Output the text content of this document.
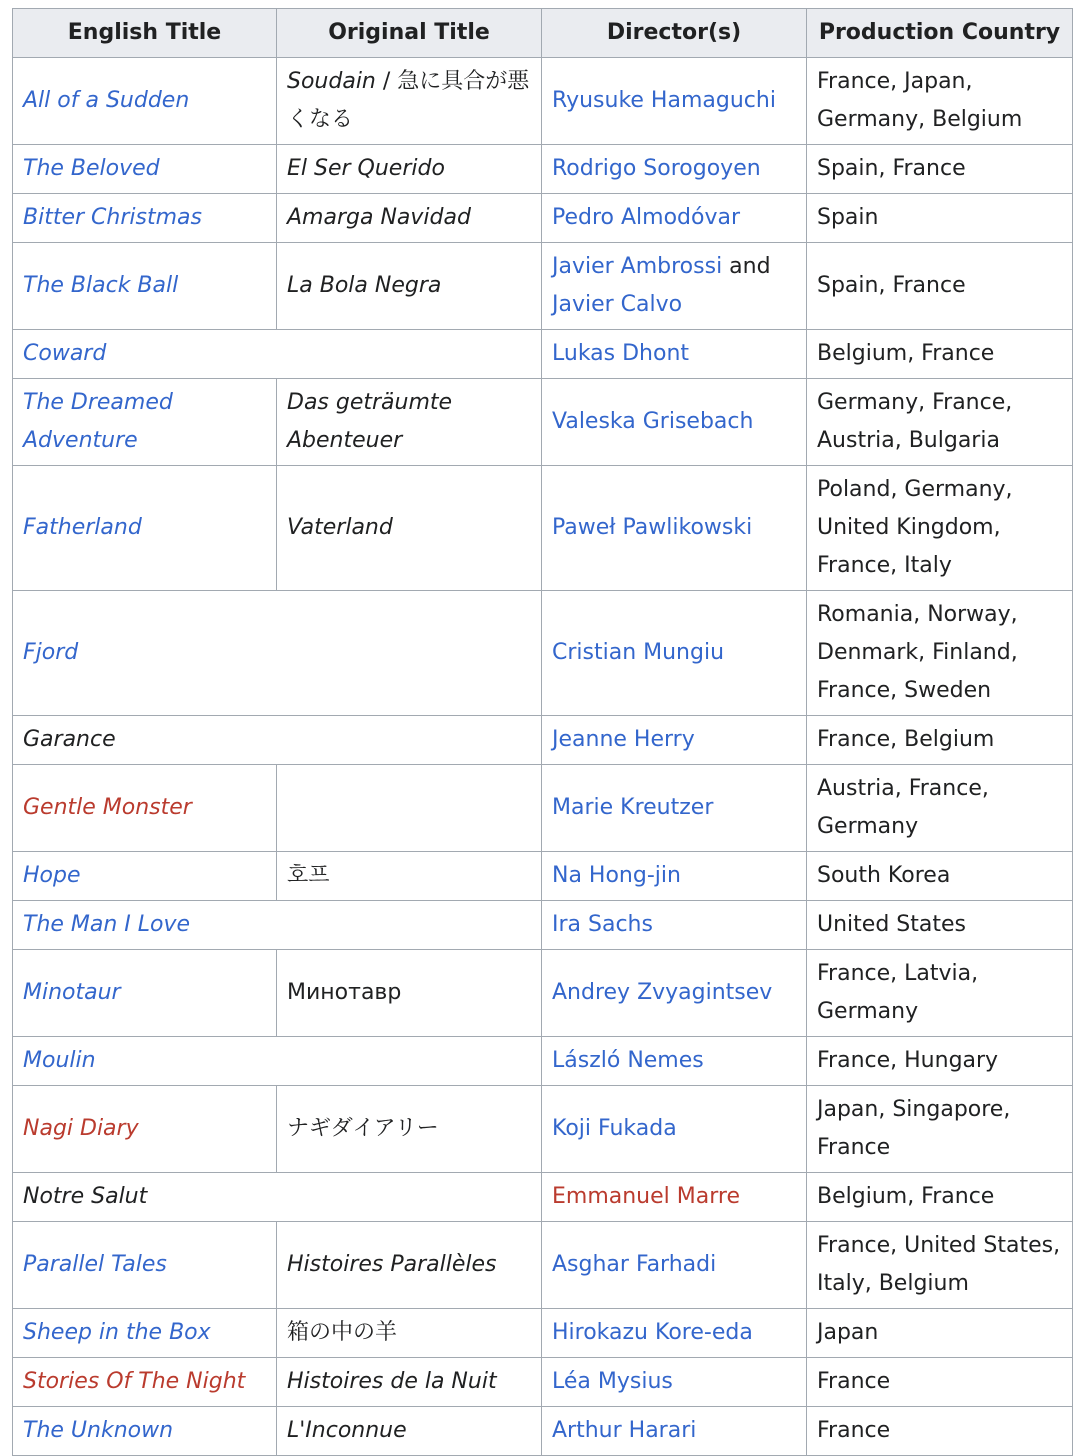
English Title	Original Title	Director(s)	Production Country
All of a Sudden	Soudain / 急に具合が悪くなる	Ryusuke Hamaguchi	France, Japan, Germany, Belgium
The Beloved	El Ser Querido	Rodrigo Sorogoyen	Spain, France
Bitter Christmas	Amarga Navidad	Pedro Almodóvar	Spain
The Black Ball	La Bola Negra	Javier Ambrossi and Javier Calvo	Spain, France
Coward		Lukas Dhont	Belgium, France
The Dreamed Adventure	Das geträumte Abenteuer	Valeska Grisebach	Germany, France, Austria, Bulgaria
Fatherland	Vaterland	Paweł Pawlikowski	Poland, Germany, United Kingdom, France, Italy
Fjord		Cristian Mungiu	Romania, Norway, Denmark, Finland, France, Sweden
Garance		Jeanne Herry	France, Belgium
Gentle Monster		Marie Kreutzer	Austria, France, Germany
Hope	호프	Na Hong-jin	South Korea
The Man I Love		Ira Sachs	United States
Minotaur	Минотавр	Andrey Zvyagintsev	France, Latvia, Germany
Moulin		László Nemes	France, Hungary
Nagi Diary	ナギダイアリー	Koji Fukada	Japan, Singapore, France
Notre Salut		Emmanuel Marre	Belgium, France
Parallel Tales	Histoires Parallèles	Asghar Farhadi	France, United States, Italy, Belgium
Sheep in the Box	箱の中の羊	Hirokazu Kore-eda	Japan
Stories Of The Night	Histoires de la Nuit	Léa Mysius	France
The Unknown	L'Inconnue	Arthur Harari	France
